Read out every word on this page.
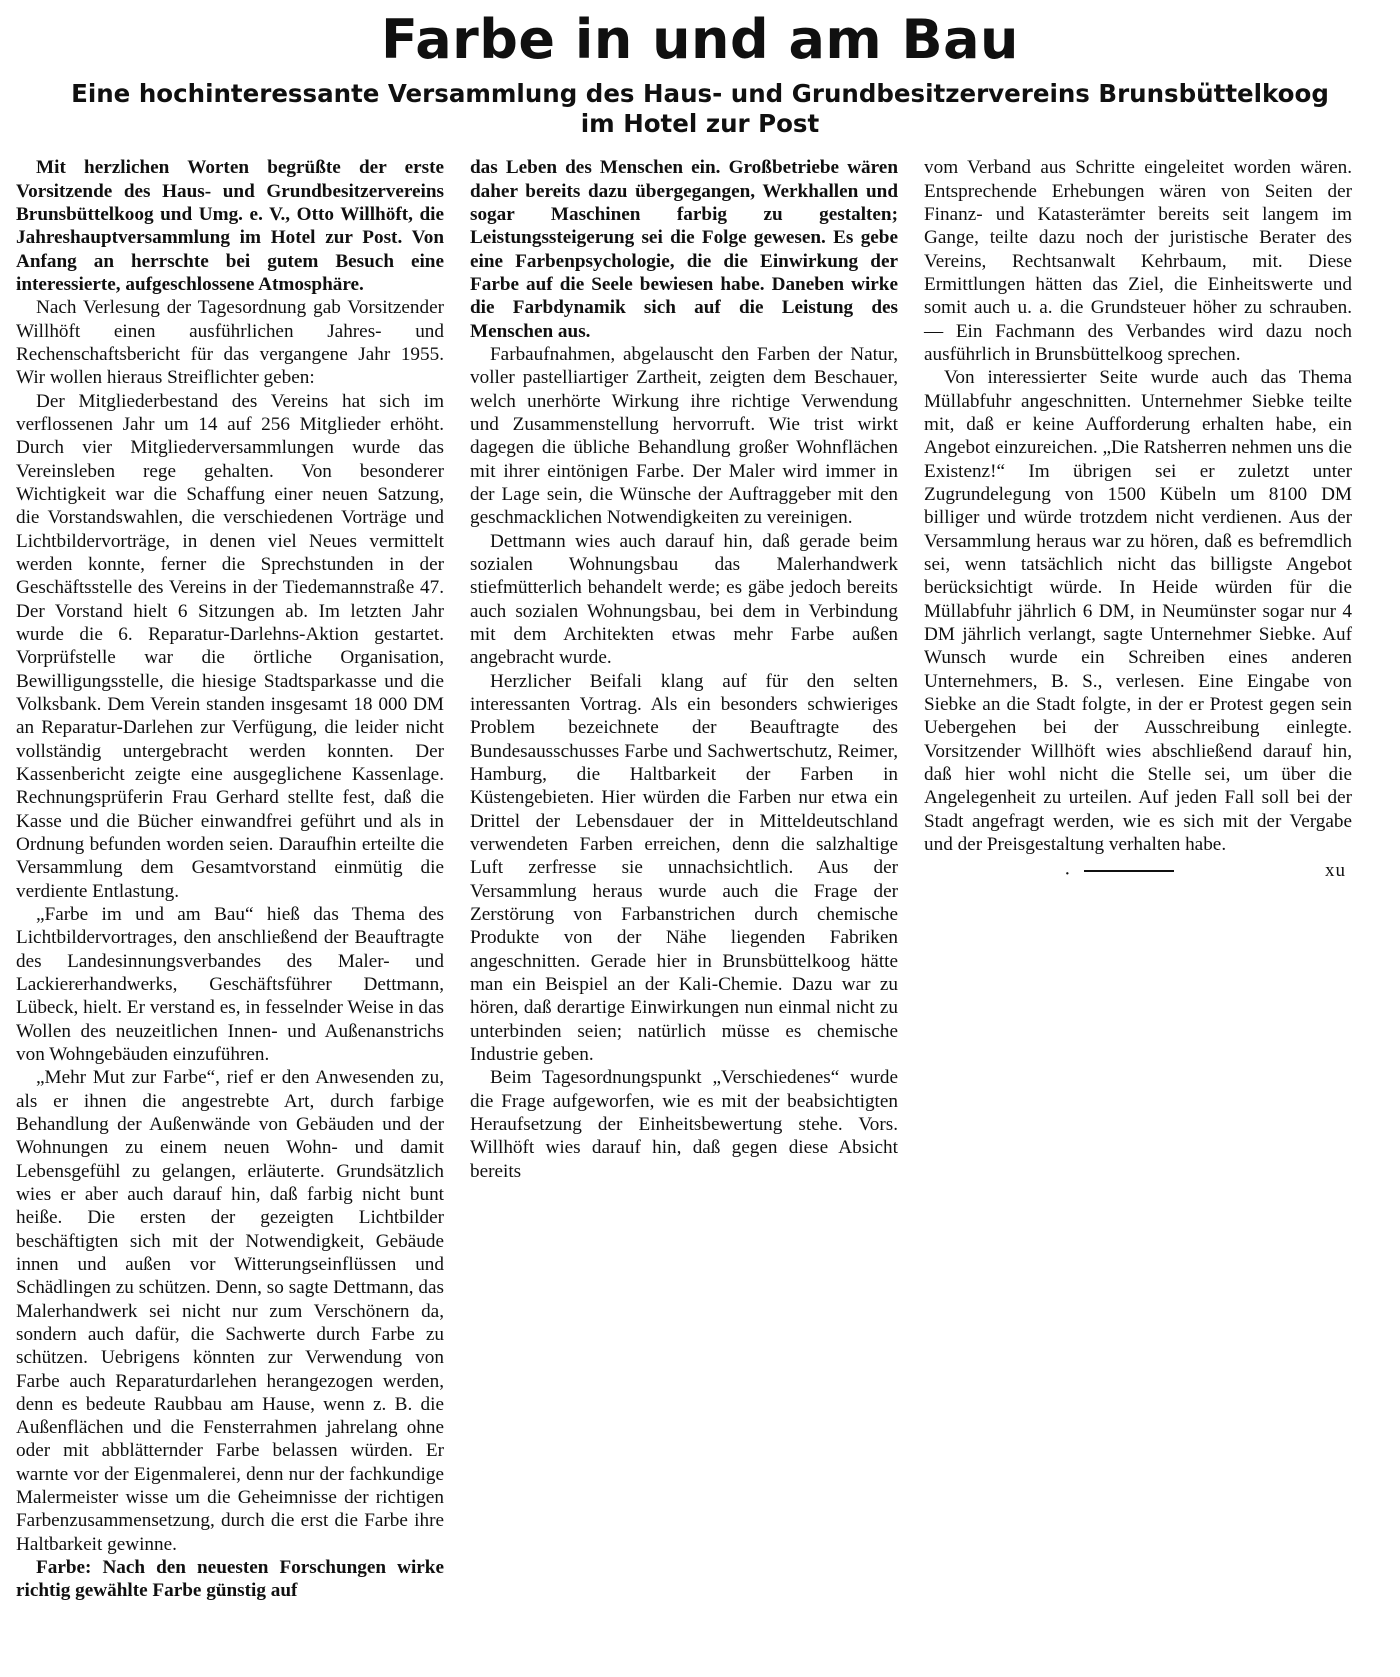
Farbe in und am Bau
Eine hochinteressante Versammlung des Haus- und Grundbesitzervereins Brunsbüttelkoog
im Hotel zur Post

Mit herzlichen Worten begrüßte der erste Vorsitzende des Haus- und Grundbesitzervereins Brunsbüttelkoog und Umg. e. V., Otto Willhöft, die Jahreshauptversammlung im Hotel zur Post. Von Anfang an herrschte bei gutem Besuch eine interessierte, aufgeschlossene Atmosphäre.

Nach Verlesung der Tagesordnung gab Vorsitzender Willhöft einen ausführlichen Jahres- und Rechenschaftsbericht für das vergangene Jahr 1955. Wir wollen hieraus Streiflichter geben:

Der Mitgliederbestand des Vereins hat sich im verflossenen Jahr um 14 auf 256 Mitglieder erhöht. Durch vier Mitgliederversammlungen wurde das Vereinsleben rege gehalten. Von besonderer Wichtigkeit war die Schaffung einer neuen Satzung, die Vorstandswahlen, die verschiedenen Vorträge und Lichtbildervorträge, in denen viel Neues vermittelt werden konnte, ferner die Sprechstunden in der Geschäftsstelle des Vereins in der Tiedemannstraße 47. Der Vorstand hielt 6 Sitzungen ab. Im letzten Jahr wurde die 6. Reparatur-Darlehns-Aktion gestartet. Vorprüfstelle war die örtliche Organisation, Bewilligungsstelle, die hiesige Stadtsparkasse und die Volksbank. Dem Verein standen insgesamt 18 000 DM an Reparatur-Darlehen zur Verfügung, die leider nicht vollständig untergebracht werden konnten. Der Kassenbericht zeigte eine ausgeglichene Kassenlage. Rechnungsprüferin Frau Gerhard stellte fest, daß die Kasse und die Bücher einwandfrei geführt und als in Ordnung befunden worden seien. Daraufhin erteilte die Versammlung dem Gesamtvorstand einmütig die verdiente Entlastung.

„Farbe im und am Bau“ hieß das Thema des Lichtbildervortrages, den anschließend der Beauftragte des Landesinnungsverbandes des Maler- und Lackiererhandwerks, Geschäftsführer Dettmann, Lübeck, hielt. Er verstand es, in fesselnder Weise in das Wollen des neuzeitlichen Innen- und Außenanstrichs von Wohngebäuden einzuführen.

„Mehr Mut zur Farbe“, rief er den Anwesenden zu, als er ihnen die angestrebte Art, durch farbige Behandlung der Außenwände von Gebäuden und der Wohnungen zu einem neuen Wohn- und damit Lebensgefühl zu gelangen, erläuterte. Grundsätzlich wies er aber auch darauf hin, daß farbig nicht bunt heiße. Die ersten der gezeigten Lichtbilder beschäftigten sich mit der Notwendigkeit, Gebäude innen und außen vor Witterungseinflüssen und Schädlingen zu schützen. Denn, so sagte Dettmann, das Malerhandwerk sei nicht nur zum Verschönern da, sondern auch dafür, die Sachwerte durch Farbe zu schützen. Uebrigens könnten zur Verwendung von Farbe auch Reparaturdarlehen herangezogen werden, denn es bedeute Raubbau am Hause, wenn z. B. die Außenflächen und die Fensterrahmen jahrelang ohne oder mit abblätternder Farbe belassen würden. Er warnte vor der Eigenmalerei, denn nur der fachkundige Malermeister wisse um die Geheimnisse der richtigen Farbenzusammensetzung, durch die erst die Farbe ihre Haltbarkeit gewinne.

Farbe: Nach den neuesten Forschungen wirke richtig gewählte Farbe günstig auf

das Leben des Menschen ein. Großbetriebe wären daher bereits dazu übergegangen, Werkhallen und sogar Maschinen farbig zu gestalten; Leistungssteigerung sei die Folge gewesen. Es gebe eine Farbenpsychologie, die die Einwirkung der Farbe auf die Seele bewiesen habe. Daneben wirke die Farbdynamik sich auf die Leistung des Menschen aus.

Farbaufnahmen, abgelauscht den Farben der Natur, voller pastelliartiger Zartheit, zeigten dem Beschauer, welch unerhörte Wirkung ihre richtige Verwendung und Zusammenstellung hervorruft. Wie trist wirkt dagegen die übliche Behandlung großer Wohnflächen mit ihrer eintönigen Farbe. Der Maler wird immer in der Lage sein, die Wünsche der Auftraggeber mit den geschmacklichen Notwendigkeiten zu vereinigen.

Dettmann wies auch darauf hin, daß gerade beim sozialen Wohnungsbau das Malerhandwerk stiefmütterlich behandelt werde; es gäbe jedoch bereits auch sozialen Wohnungsbau, bei dem in Verbindung mit dem Architekten etwas mehr Farbe außen angebracht wurde.

Herzlicher Beifali klang auf für den selten interessanten Vortrag. Als ein besonders schwieriges Problem bezeichnete der Beauftragte des Bundesausschusses Farbe und Sachwertschutz, Reimer, Hamburg, die Haltbarkeit der Farben in Küstengebieten. Hier würden die Farben nur etwa ein Drittel der Lebensdauer der in Mitteldeutschland verwendeten Farben erreichen, denn die salzhaltige Luft zerfresse sie unnachsichtlich. Aus der Versammlung heraus wurde auch die Frage der Zerstörung von Farbanstrichen durch chemische Produkte von der Nähe liegenden Fabriken angeschnitten. Gerade hier in Brunsbüttelkoog hätte man ein Beispiel an der Kali-Chemie. Dazu war zu hören, daß derartige Einwirkungen nun einmal nicht zu unterbinden seien; natürlich müsse es chemische Industrie geben.

Beim Tagesordnungspunkt „Verschiedenes“ wurde die Frage aufgeworfen, wie es mit der beabsichtigten Heraufsetzung der Einheitsbewertung stehe. Vors. Willhöft wies darauf hin, daß gegen diese Absicht bereits

vom Verband aus Schritte eingeleitet worden wären. Entsprechende Erhebungen wären von Seiten der Finanz- und Katasterämter bereits seit langem im Gange, teilte dazu noch der juristische Berater des Vereins, Rechtsanwalt Kehrbaum, mit. Diese Ermittlungen hätten das Ziel, die Einheitswerte und somit auch u. a. die Grundsteuer höher zu schrauben. — Ein Fachmann des Verbandes wird dazu noch ausführlich in Brunsbüttelkoog sprechen.

Von interessierter Seite wurde auch das Thema Müllabfuhr angeschnitten. Unternehmer Siebke teilte mit, daß er keine Aufforderung erhalten habe, ein Angebot einzureichen. „Die Ratsherren nehmen uns die Existenz!“ Im übrigen sei er zuletzt unter Zugrundelegung von 1500 Kübeln um 8100 DM billiger und würde trotzdem nicht verdienen. Aus der Versammlung heraus war zu hören, daß es befremdlich sei, wenn tatsächlich nicht das billigste Angebot berücksichtigt würde. In Heide würden für die Müllabfuhr jährlich 6 DM, in Neumünster sogar nur 4 DM jährlich verlangt, sagte Unternehmer Siebke. Auf Wunsch wurde ein Schreiben eines anderen Unternehmers, B. S., verlesen. Eine Eingabe von Siebke an die Stadt folgte, in der er Protest gegen sein Uebergehen bei der Ausschreibung einlegte. Vorsitzender Willhöft wies abschließend darauf hin, daß hier wohl nicht die Stelle sei, um über die Angelegenheit zu urteilen. Auf jeden Fall soll bei der Stadt angefragt werden, wie es sich mit der Vergabe und der Preisgestaltung verhalten habe.

·	xu
